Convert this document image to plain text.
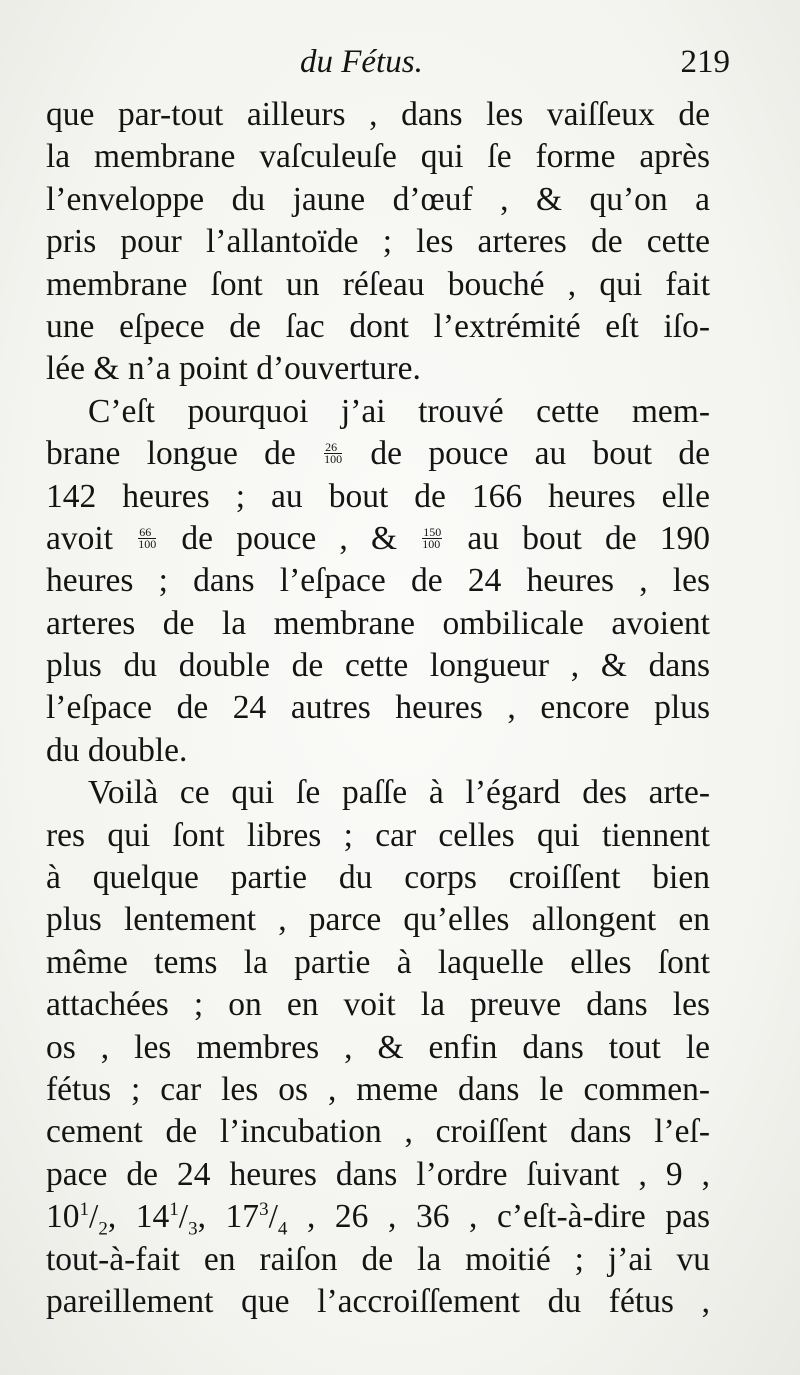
du Fétus.	219
que par-tout ailleurs , dans les vaiſſeux de
la membrane vaſculeuſe qui ſe forme après
l’enveloppe du jaune d’œuf , & qu’on a
pris pour l’allantoïde ; les arteres de cette
membrane ſont un réſeau bouché , qui fait
une eſpece de ſac dont l’extrémité eſt iſo-
lée & n’a point d’ouverture.
C’eſt pourquoi j’ai trouvé cette mem-
brane longue de $\frac{26}{100}$ de pouce au bout de
142 heures ; au bout de 166 heures elle
avoit $\frac{66}{100}$ de pouce , & $\frac{150}{100}$ au bout de 190
heures ; dans l’eſpace de 24 heures , les
arteres de la membrane ombilicale avoient
plus du double de cette longueur , & dans
l’eſpace de 24 autres heures , encore plus
du double.
Voilà ce qui ſe paſſe à l’égard des arte-
res qui ſont libres ; car celles qui tiennent
à quelque partie du corps croiſſent bien
plus lentement , parce qu’elles allongent en
même tems la partie à laquelle elles ſont
attachées ; on en voit la preuve dans les
os , les membres , & enfin dans tout le
fétus ; car les os , meme dans le commen-
cement de l’incubation , croiſſent dans l’eſ-
pace de 24 heures dans l’ordre ſuivant , 9 ,
$10^1/_2$, $14^1/_3$, $17^3/_4$ , 26 , 36 , c’eſt-à-dire pas
tout-à-fait en raiſon de la moitié ; j’ai vu
pareillement que l’accroiſſement du fétus ,
